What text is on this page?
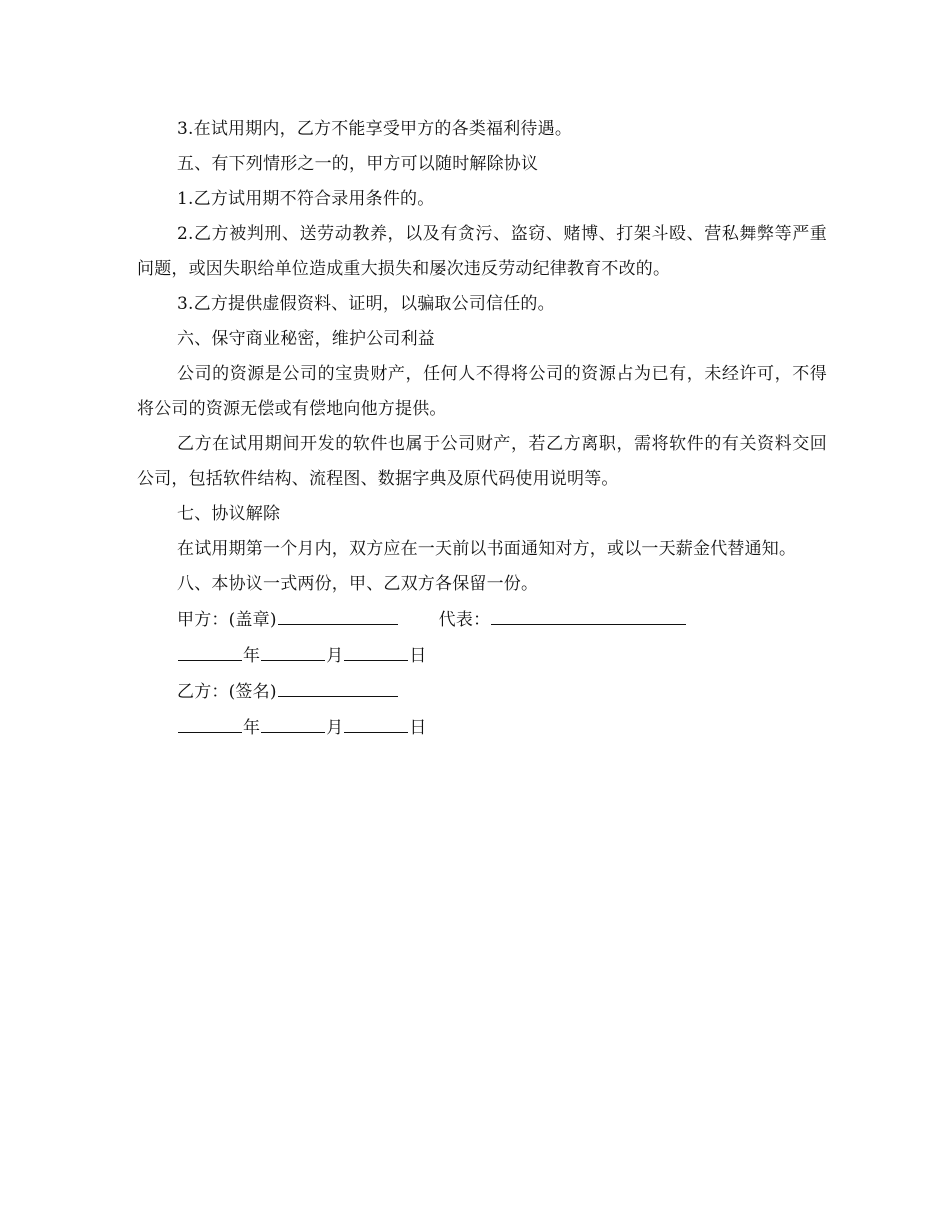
3.在试用期内，乙方不能享受甲方的各类福利待遇。

五、有下列情形之一的，甲方可以随时解除协议

1.乙方试用期不符合录用条件的。

2.乙方被判刑、送劳动教养，以及有贪污、盗窃、赌博、打架斗殴、营私舞弊等严重问题，或因失职给单位造成重大损失和屡次违反劳动纪律教育不改的。

3.乙方提供虚假资料、证明，以骗取公司信任的。

六、保守商业秘密，维护公司利益

公司的资源是公司的宝贵财产，任何人不得将公司的资源占为已有，未经许可，不得将公司的资源无偿或有偿地向他方提供。

乙方在试用期间开发的软件也属于公司财产，若乙方离职，需将软件的有关资料交回公司，包括软件结构、流程图、数据字典及原代码使用说明等。

七、协议解除

在试用期第一个月内，双方应在一天前以书面通知对方，或以一天薪金代替通知。

八、本协议一式两份，甲、乙双方各保留一份。

甲方：(盖章)	代表：

年	月	日

乙方：(签名)

年	月	日
